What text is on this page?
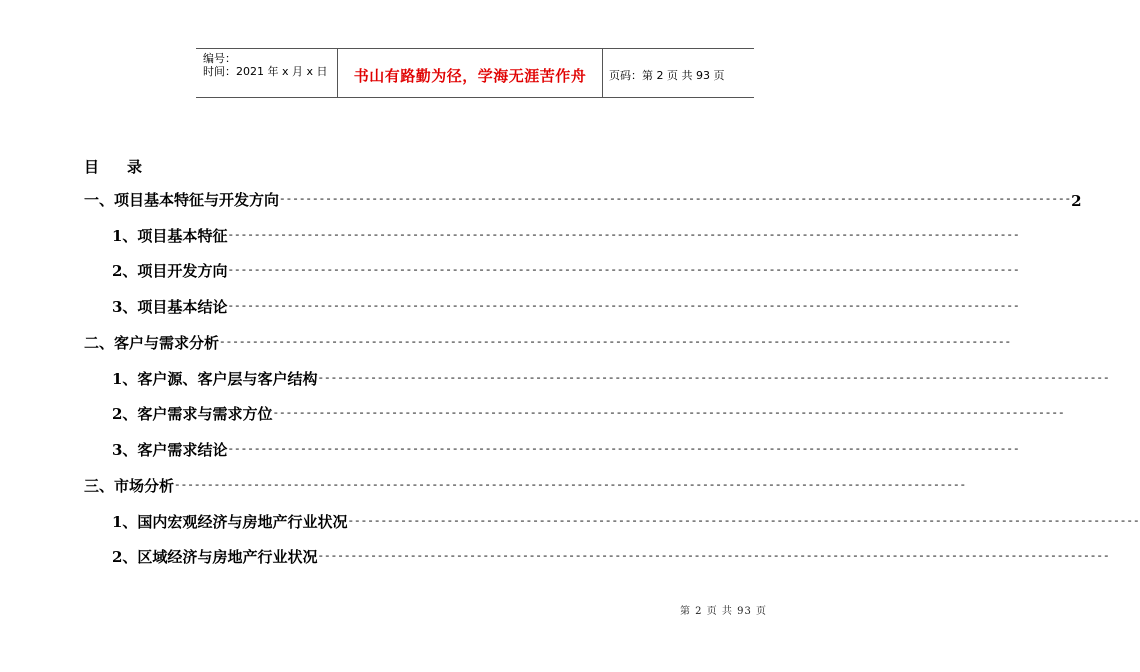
编号：
时间：2021 年 x 月 x 日	书山有路勤为径，学海无涯苦作舟	页码：第 2 页 共 93 页
目录
一、项目基本特征与开发方向 ------------------------------------------------------------------------------------------------------------------------ 2
1、项目基本特征 ------------------------------------------------------------------------------------------------------------------------
2、项目开发方向 ------------------------------------------------------------------------------------------------------------------------
3、项目基本结论 ------------------------------------------------------------------------------------------------------------------------
二、客户与需求分析 ------------------------------------------------------------------------------------------------------------------------
1、客户源、客户层与客户结构 ------------------------------------------------------------------------------------------------------------------------
2、客户需求与需求方位 ------------------------------------------------------------------------------------------------------------------------
3、客户需求结论 ------------------------------------------------------------------------------------------------------------------------
三、市场分析 ------------------------------------------------------------------------------------------------------------------------
1、国内宏观经济与房地产行业状况 ------------------------------------------------------------------------------------------------------------------------
2、区域经济与房地产行业状况 ------------------------------------------------------------------------------------------------------------------------
第 2 页 共 93 页
